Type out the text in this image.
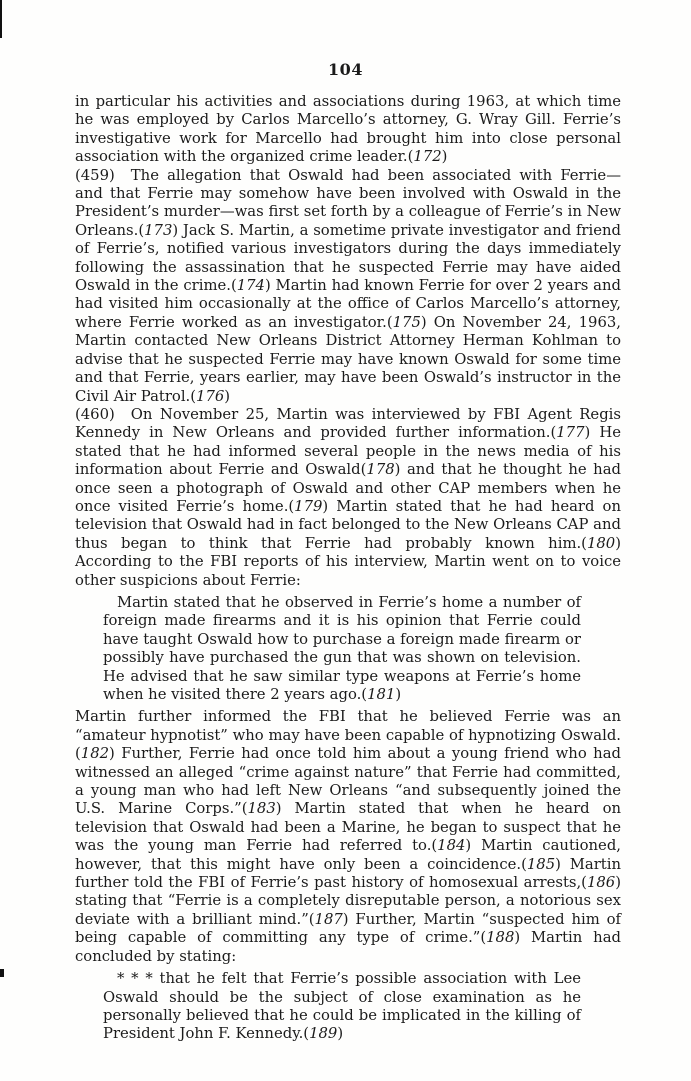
104

in particular his activities and associations during 1963, at which time he was employed by Carlos Marcello’s attorney, G. Wray Gill. Ferrie’s investigative work for Marcello had brought him into close personal association with the organized crime leader.(172)

(459) The allegation that Oswald had been associated with Ferrie—and that Ferrie may somehow have been involved with Oswald in the President’s murder—was first set forth by a colleague of Ferrie’s in New Orleans.(173) Jack S. Martin, a sometime private investigator and friend of Ferrie’s, notified various investigators during the days immediately following the assassination that he suspected Ferrie may have aided Oswald in the crime.(174) Martin had known Ferrie for over 2 years and had visited him occasionally at the office of Carlos Marcello’s attorney, where Ferrie worked as an investigator.(175) On November 24, 1963, Martin contacted New Orleans District Attorney Herman Kohlman to advise that he suspected Ferrie may have known Oswald for some time and that Ferrie, years earlier, may have been Oswald’s instructor in the Civil Air Patrol.(176)

(460) On November 25, Martin was interviewed by FBI Agent Regis Kennedy in New Orleans and provided further information.(177) He stated that he had informed several people in the news media of his information about Ferrie and Oswald(178) and that he thought he had once seen a photograph of Oswald and other CAP members when he once visited Ferrie’s home.(179) Martin stated that he had heard on television that Oswald had in fact belonged to the New Orleans CAP and thus began to think that Ferrie had probably known him.(180) According to the FBI reports of his interview, Martin went on to voice other suspicions about Ferrie:

Martin stated that he observed in Ferrie’s home a number of foreign made firearms and it is his opinion that Ferrie could have taught Oswald how to purchase a foreign made firearm or possibly have purchased the gun that was shown on television. He advised that he saw similar type weapons at Ferrie’s home when he visited there 2 years ago.(181)

Martin further informed the FBI that he believed Ferrie was an “amateur hypnotist” who may have been capable of hypnotizing Oswald.(182) Further, Ferrie had once told him about a young friend who had witnessed an alleged “crime against nature” that Ferrie had committed, a young man who had left New Orleans “and subsequently joined the U.S. Marine Corps.”(183) Martin stated that when he heard on television that Oswald had been a Marine, he began to suspect that he was the young man Ferrie had referred to.(184) Martin cautioned, however, that this might have only been a coincidence.(185) Martin further told the FBI of Ferrie’s past history of homosexual arrests,(186) stating that “Ferrie is a completely disreputable person, a notorious sex deviate with a brilliant mind.”(187) Further, Martin “suspected him of being capable of committing any type of crime.”(188) Martin had concluded by stating:

* * * that he felt that Ferrie’s possible association with Lee Oswald should be the subject of close examination as he personally believed that he could be implicated in the killing of President John F. Kennedy.(189)
